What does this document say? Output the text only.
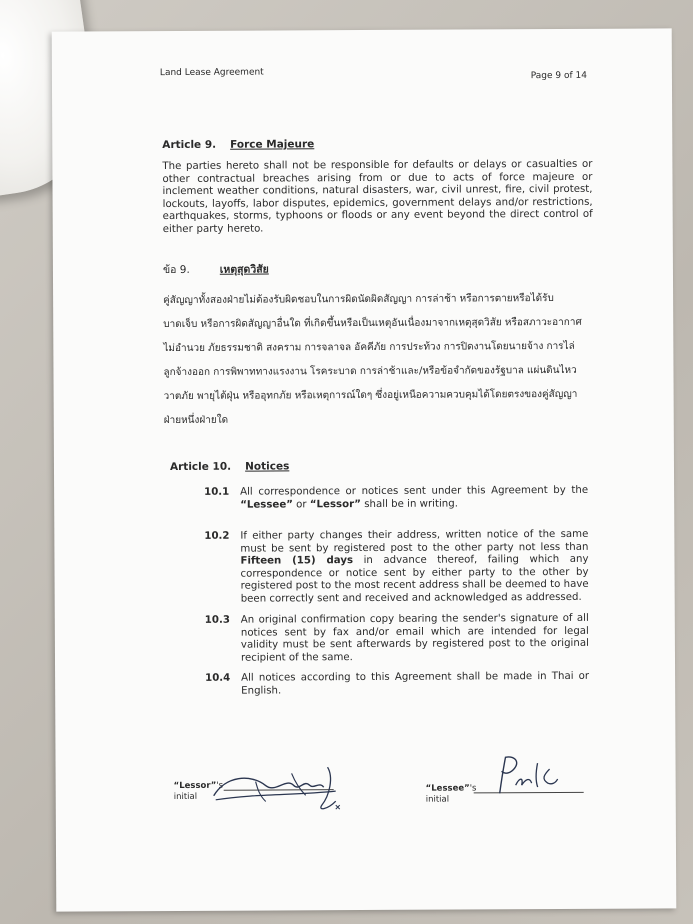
Land Lease Agreement	Page 9 of 14
Article 9. Force Majeure
The parties hereto shall not be responsible for defaults or delays or casualties or other contractual breaches arising from or due to acts of force majeure or inclement weather conditions, natural disasters, war, civil unrest, fire, civil protest, lockouts, layoffs, labor disputes, epidemics, government delays and/or restrictions, earthquakes, storms, typhoons or floods or any event beyond the direct control of either party hereto.
ข้อ 9.	เหตุสุดวิสัย
คู่สัญญาทั้งสองฝ่ายไม่ต้องรับผิดชอบในการผิดนัดผิดสัญญา การล่าช้า หรือการตายหรือได้รับ
บาดเจ็บ หรือการผิดสัญญาอื่นใด ที่เกิดขึ้นหรือเป็นเหตุอันเนื่องมาจากเหตุสุดวิสัย หรือสภาวะอากาศ
ไม่อำนวย ภัยธรรมชาติ สงคราม การจลาจล อัคคีภัย การประท้วง การปิดงานโดยนายจ้าง การไล่
ลูกจ้างออก การพิพาททางแรงงาน โรคระบาด การล่าช้าและ/หรือข้อจำกัดของรัฐบาล แผ่นดินไหว
วาตภัย พายุไต้ฝุ่น หรืออุทกภัย หรือเหตุการณ์ใดๆ ซึ่งอยู่เหนือความควบคุมได้โดยตรงของคู่สัญญา
ฝ่ายหนึ่งฝ่ายใด
Article 10. Notices
10.1 All correspondence or notices sent under this Agreement by the “Lessee” or “Lessor” shall be in writing.
10.2 If either party changes their address, written notice of the same must be sent by registered post to the other party not less than Fifteen (15) days in advance thereof, failing which any correspondence or notice sent by either party to the other by registered post to the most recent address shall be deemed to have been correctly sent and received and acknowledged as addressed.
10.3 An original confirmation copy bearing the sender's signature of all notices sent by fax and/or email which are intended for legal validity must be sent afterwards by registered post to the original recipient of the same.
10.4 All notices according to this Agreement shall be made in Thai or English.
“Lessor”'s
initial
“Lessee”'s
initial
